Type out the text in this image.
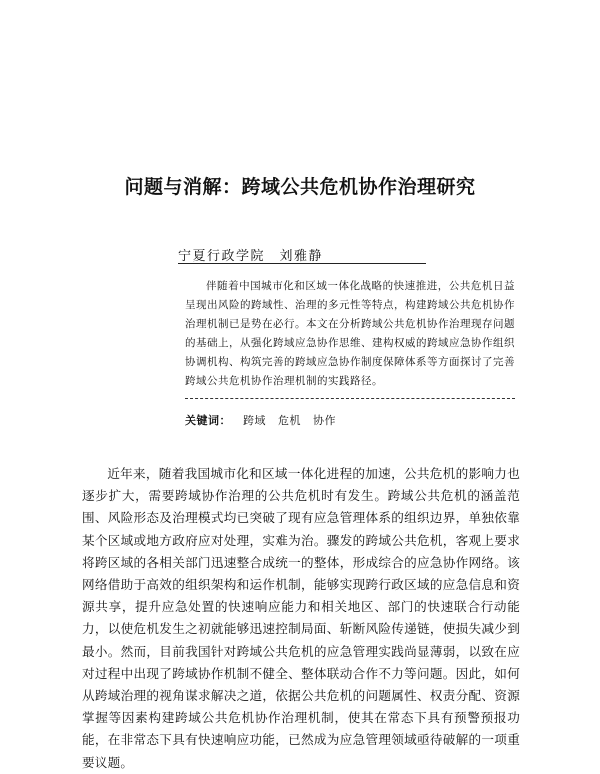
问题与消解：跨域公共危机协作治理研究
宁夏行政学院　刘雅静
伴随着中国城市化和区域一体化战略的快速推进，公共危机日益呈现出风险的跨域性、治理的多元性等特点，构建跨域公共危机协作治理机制已是势在必行。本文在分析跨域公共危机协作治理现存问题的基础上，从强化跨域应急协作思维、建构权威的跨域应急协作组织协调机构、构筑完善的跨域应急协作制度保障体系等方面探讨了完善跨域公共危机协作治理机制的实践路径。
关键词： 跨域 危机 协作
近年来，随着我国城市化和区域一体化进程的加速，公共危机的影响力也逐步扩大，需要跨域协作治理的公共危机时有发生。跨域公共危机的涵盖范围、风险形态及治理模式均已突破了现有应急管理体系的组织边界，单独依靠某个区域或地方政府应对处理，实难为治。骤发的跨域公共危机，客观上要求将跨区域的各相关部门迅速整合成统一的整体，形成综合的应急协作网络。该网络借助于高效的组织架构和运作机制，能够实现跨行政区域的应急信息和资源共享，提升应急处置的快速响应能力和相关地区、部门的快速联合行动能力，以使危机发生之初就能够迅速控制局面、斩断风险传递链，使损失减少到最小。然而，目前我国针对跨域公共危机的应急管理实践尚显薄弱，以致在应对过程中出现了跨域协作机制不健全、整体联动合作不力等问题。因此，如何从跨域治理的视角谋求解决之道，依据公共危机的问题属性、权责分配、资源掌握等因素构建跨域公共危机协作治理机制，使其在常态下具有预警预报功能，在非常态下具有快速响应功能，已然成为应急管理领域亟待破解的一项重要议题。
